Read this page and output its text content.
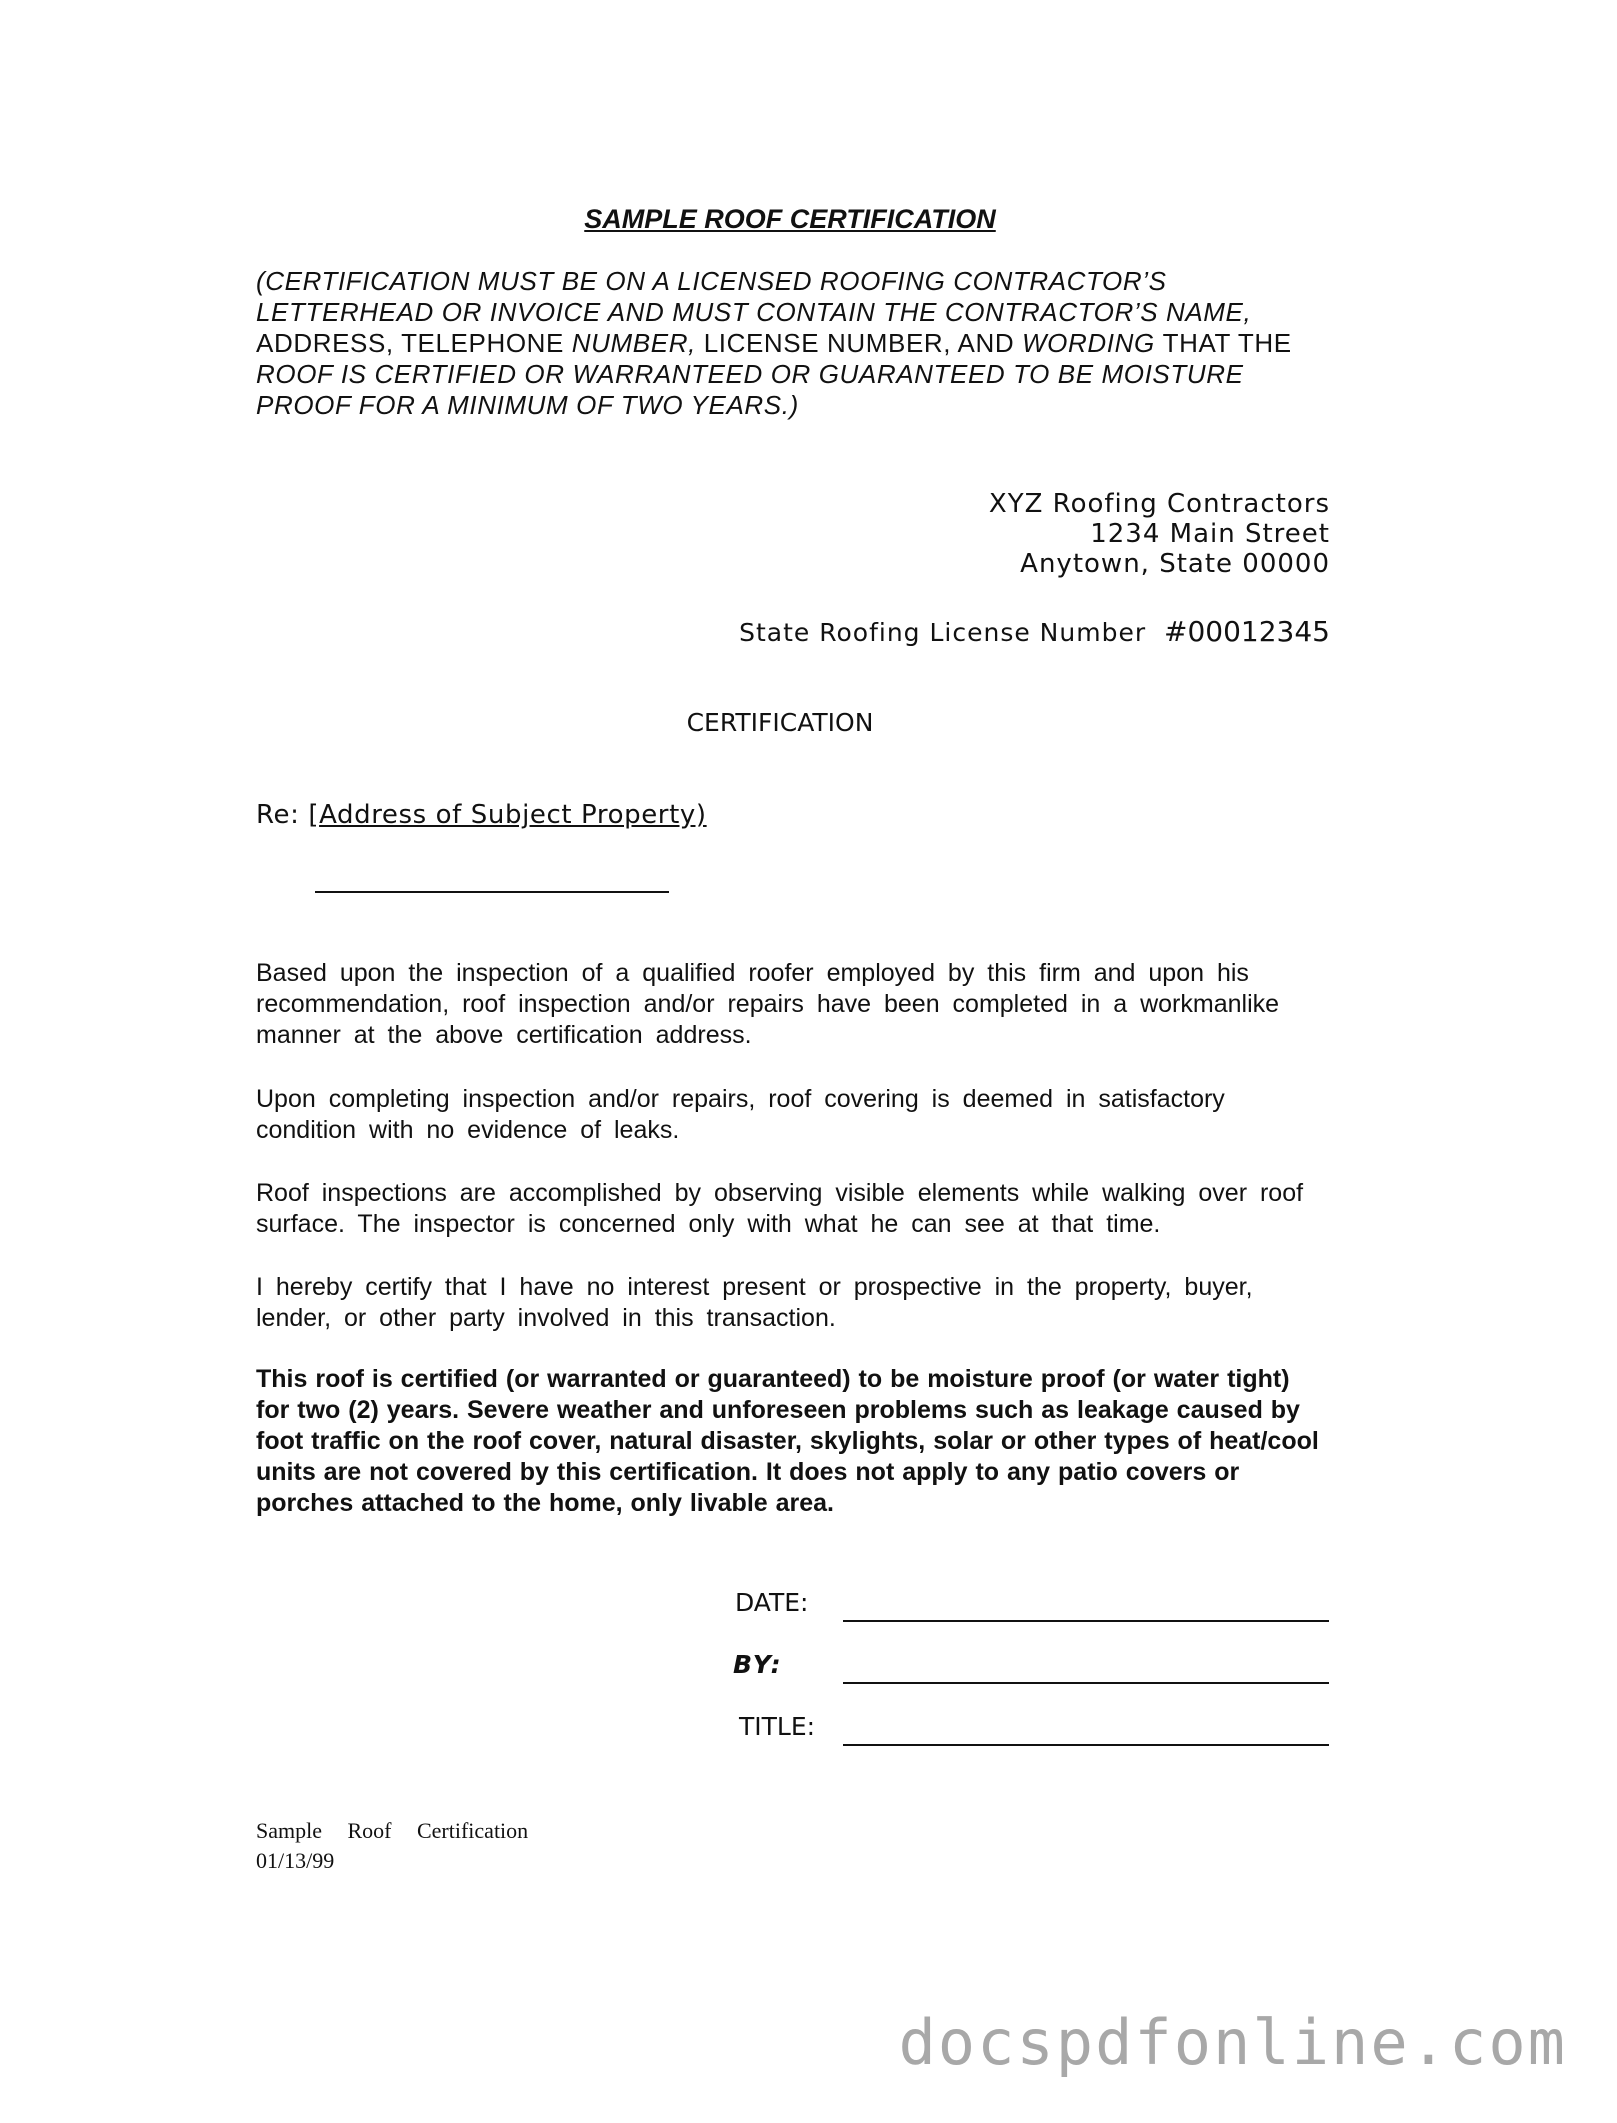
SAMPLE ROOF CERTIFICATION
(CERTIFICATION MUST BE ON A LICENSED ROOFING CONTRACTOR’S
LETTERHEAD OR INVOICE AND MUST CONTAIN THE CONTRACTOR’S NAME,
ADDRESS, TELEPHONE NUMBER, LICENSE NUMBER, AND WORDING THAT THE
ROOF IS CERTIFIED OR WARRANTEED OR GUARANTEED TO BE MOISTURE
PROOF FOR A MINIMUM OF TWO YEARS.)
XYZ Roofing Contractors
1234 Main Street
Anytown, State 00000
State Roofing License Number #00012345
CERTIFICATION
Re: [Address of Subject Property)
Based upon the inspection of a qualified roofer employed by this firm and upon his recommendation, roof inspection and/or repairs have been completed in a workmanlike manner at the above certification address.
Upon completing inspection and/or repairs, roof covering is deemed in satisfactory condition with no evidence of leaks.
Roof inspections are accomplished by observing visible elements while walking over roof surface. The inspector is concerned only with what he can see at that time.
I hereby certify that I have no interest present or prospective in the property, buyer, lender, or other party involved in this transaction.
This roof is certified (or warranted or guaranteed) to be moisture proof (or water tight) for two (2) years. Severe weather and unforeseen problems such as leakage caused by foot traffic on the roof cover, natural disaster, skylights, solar or other types of heat/cool units are not covered by this certification. It does not apply to any patio covers or porches attached to the home, only livable area.
DATE:
BY:
TITLE:
Sample Roof Certification
01/13/99
docspdfonline.com
